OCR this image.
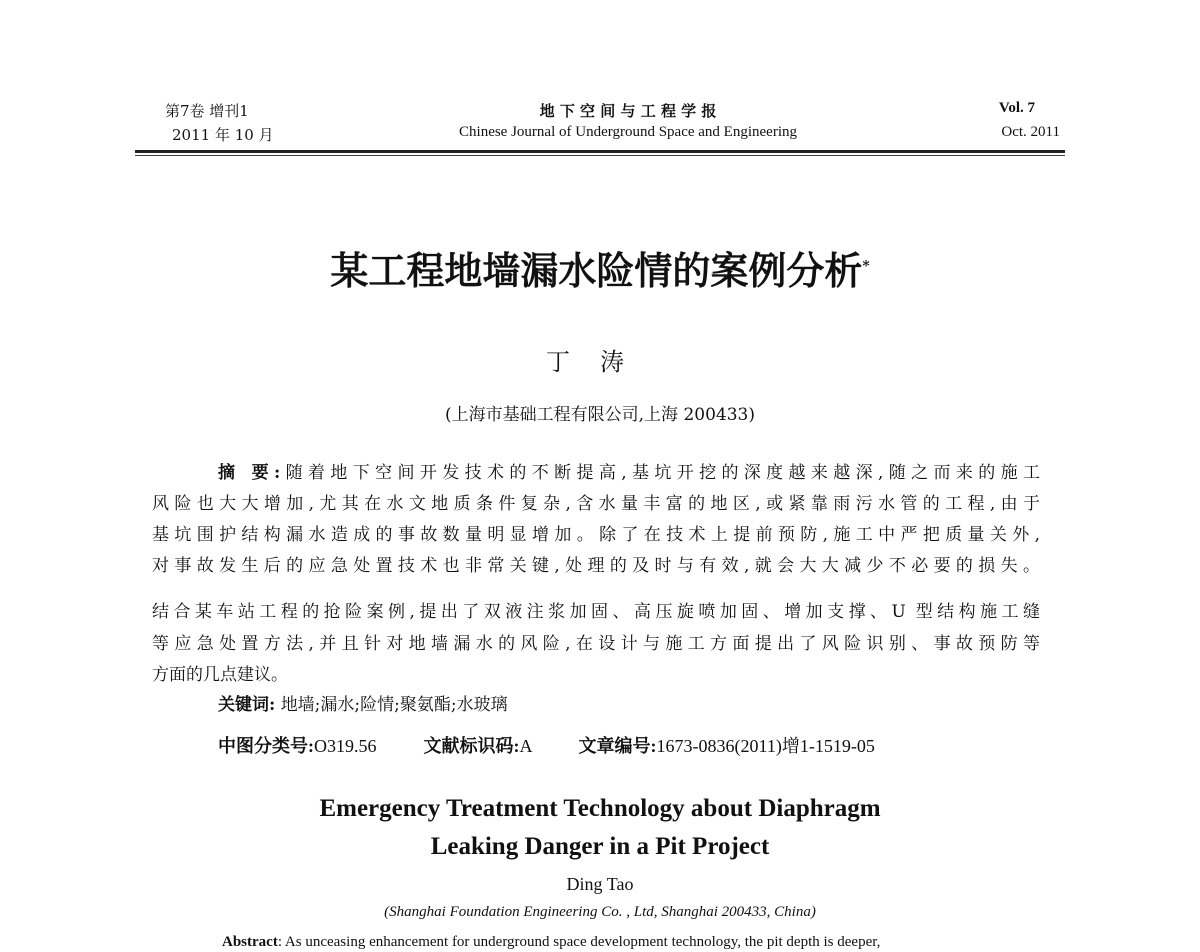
第7卷 增刊1
2011 年 10 月
地 下 空 间 与 工 程 学 报
Chinese Journal of Underground Space and Engineering
Vol. 7
Oct. 2011
某工程地墙漏水险情的案例分析*
丁涛
(上海市基础工程有限公司,上海 200433)
摘 要:随着地下空间开发技术的不断提高,基坑开挖的深度越来越深,随之而来的施工
风险也大大增加,尤其在水文地质条件复杂,含水量丰富的地区,或紧靠雨污水管的工程,由于
基坑围护结构漏水造成的事故数量明显增加。除了在技术上提前预防,施工中严把质量关外,
对事故发生后的应急处置技术也非常关键,处理的及时与有效,就会大大减少不必要的损失。
结合某车站工程的抢险案例,提出了双液注浆加固、高压旋喷加固、增加支撑、U 型结构施工缝
等应急处置方法,并且针对地墙漏水的风险,在设计与施工方面提出了风险识别、事故预防等
方面的几点建议。
关键词: 地墙;漏水;险情;聚氨酯;水玻璃
中图分类号:O319.56	文献标识码:A	文章编号:1673-0836(2011)增1-1519-05
Emergency Treatment Technology about Diaphragm
Leaking Danger in a Pit Project
Ding Tao
(Shanghai Foundation Engineering Co. , Ltd, Shanghai 200433, China)
Abstract: As unceasing enhancement for underground space development technology, the pit depth is deeper,
